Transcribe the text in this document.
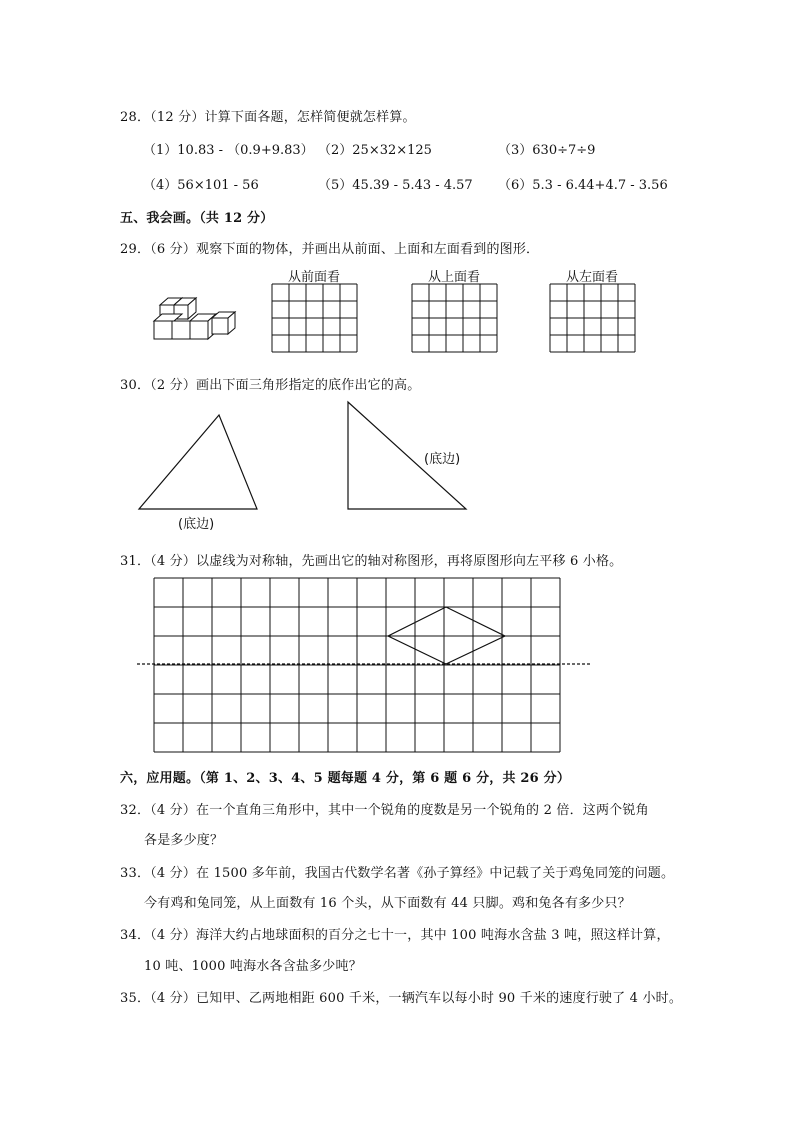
28．（12 分）计算下面各题，怎样简便就怎样算。
（1）10.83 - （0.9+9.83） （2）25×32×125	（3）630÷7÷9
（4）56×101 - 56	（5）45.39 - 5.43 - 4.57 （6）5.3 - 6.44+4.7 - 3.56
五、我会画。（共 12 分）
29．（6 分）观察下面的物体，并画出从前面、上面和左面看到的图形．
30．（2 分）画出下面三角形指定的底作出它的高。
31．（4 分）以虚线为对称轴，先画出它的轴对称图形，再将原图形向左平移 6 小格。
六，应用题。（第 1、2、3、4、5 题每题 4 分，第 6 题 6 分，共 26 分）
32．（4 分）在一个直角三角形中，其中一个锐角的度数是另一个锐角的 2 倍．这两个锐角
各是多少度？
33．（4 分）在 1500 多年前，我国古代数学名著《孙子算经》中记载了关于鸡兔同笼的问题。
今有鸡和兔同笼，从上面数有 16 个头，从下面数有 44 只脚。鸡和兔各有多少只？
34．（4 分）海洋大约占地球面积的百分之七十一，其中 100 吨海水含盐 3 吨，照这样计算，
10 吨、1000 吨海水各含盐多少吨？
35．（4 分）已知甲、乙两地相距 600 千米，一辆汽车以每小时 90 千米的速度行驶了 4 小时。
从前面看	从上面看	从左面看
(底边)
(底边)
